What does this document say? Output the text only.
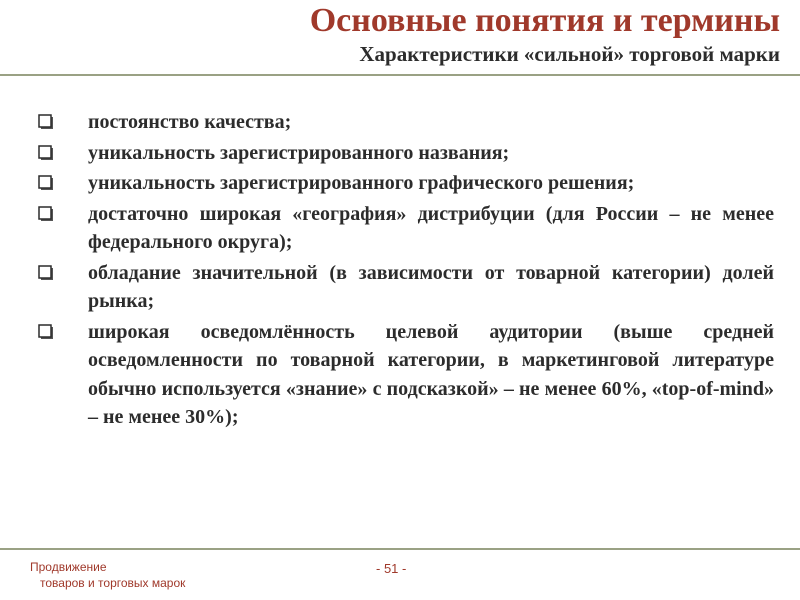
Основные понятия и термины
Характеристики «сильной» торговой марки
постоянство качества;
уникальность зарегистрированного названия;
уникальность зарегистрированного графического решения;
достаточно широкая «география» дистрибуции (для России – не менее федерального округа);
обладание значительной (в зависимости от товарной категории) долей рынка;
широкая осведомлённость целевой аудитории (выше средней осведомленности по товарной категории, в маркетинговой литературе обычно используется «знание» с подсказкой» – не менее 60%, «top-of-mind» – не менее 30%);
Продвижение
товаров и торговых марок
- 51 -
